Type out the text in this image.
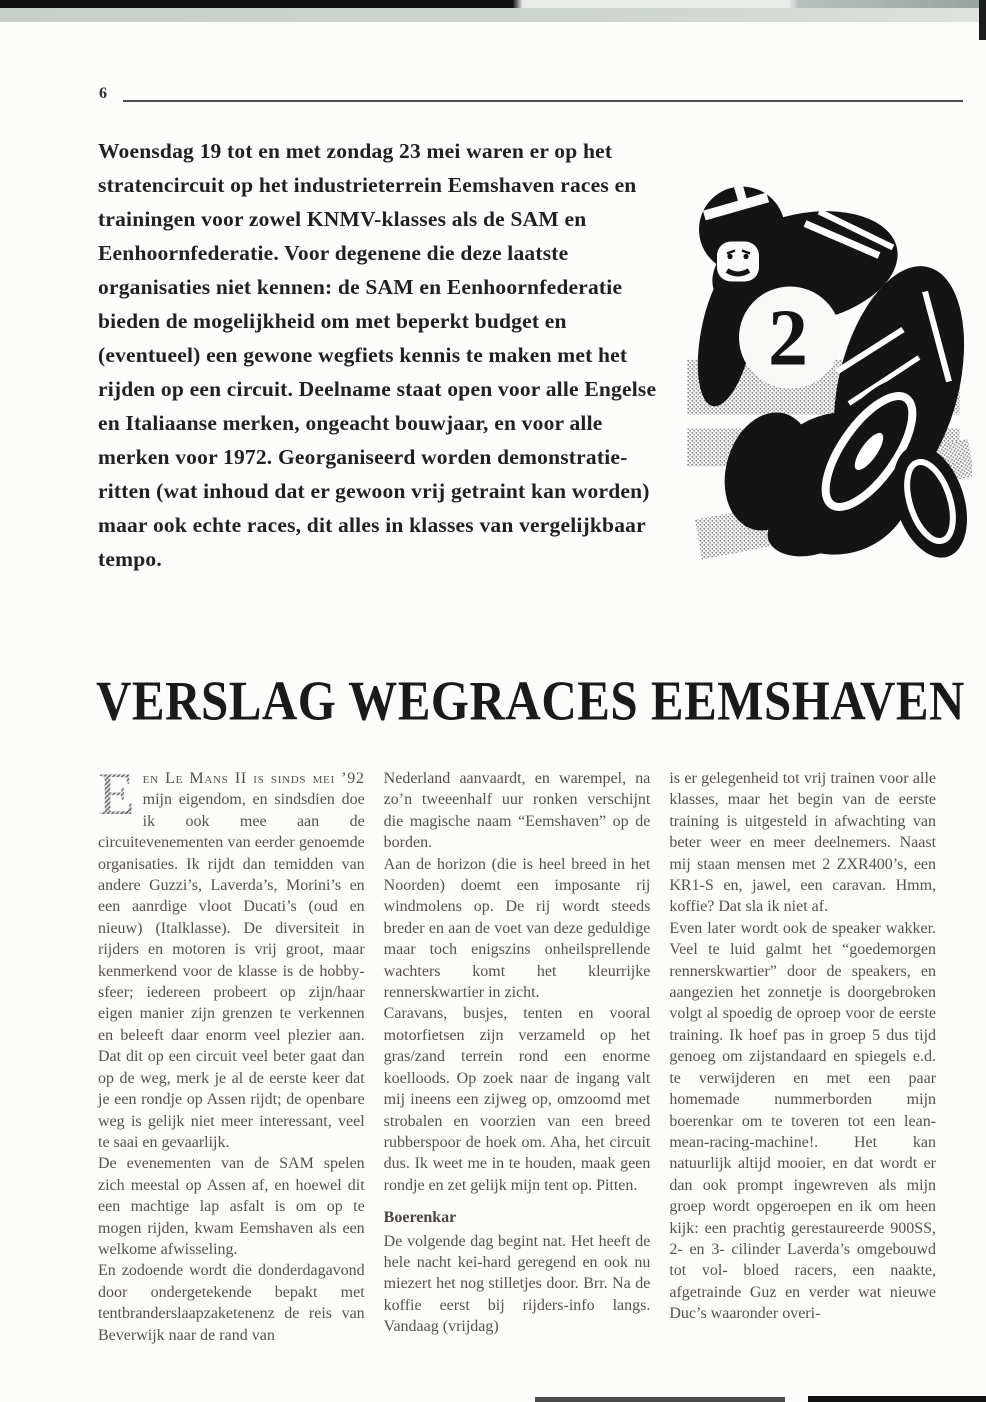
6
Woensdag 19 tot en met zondag 23 mei waren er op het stratencircuit op het industrieterrein Eemshaven races en trainingen voor zowel KNMV-klasses als de SAM en Eenhoornfederatie. Voor degenene die deze laatste organisaties niet kennen: de SAM en Eenhoornfederatie bieden de mogelijkheid om met beperkt budget en (eventueel) een gewone wegfiets kennis te maken met het rijden op een circuit. Deelname staat open voor alle Engelse en Italiaanse merken, ongeacht bouwjaar, en voor alle merken voor 1972. Georganiseerd worden demonstratie-ritten (wat inhoud dat er gewoon vrij getraint kan worden) maar ook echte races, dit alles in klasses van vergelijkbaar tempo.
2
VERSLAG WEGRACES EEMSHAVEN

E en Le Mans II is sinds mei ’92mijn eigendom, en sindsdien doe ik ook mee aan de circuitevenementen van eerder genoemde organisaties. Ik rijdt dan temidden van andere Guzzi’s, Laverda’s, Morini’s en een aanrdige vloot Ducati’s (oud en nieuw) (Italklasse). De diversiteit in rijders en motoren is vrij groot, maar kenmerkend voor de klasse is de hobby-sfeer; iedereen probeert op zijn/haar eigen manier zijn grenzen te verkennen en beleeft daar enorm veel plezier aan. Dat dit op een circuit veel beter gaat dan op de weg, merk je al de eerste keer dat je een rondje op Assen rijdt; de openbare weg is gelijk niet meer interessant, veel te saai en gevaarlijk.

De evenementen van de SAM spelen zich meestal op Assen af, en hoewel dit een machtige lap asfalt is om op te mogen rijden, kwam Eemshaven als een welkome afwisseling.

En zodoende wordt die donderdagavond door ondergetekende bepakt met tentbranderslaapzaketenenz de reis van Beverwijk naar de rand van

Nederland aanvaardt, en warempel, na zo’n tweeenhalf uur ronken verschijnt die magische naam “Eemshaven” op de borden.

Aan de horizon (die is heel breed in het Noorden) doemt een imposante rij windmolens op. De rij wordt steeds breder en aan de voet van deze geduldige maar toch enigszins onheilsprellende wachters komt het kleurrijke rennerskwartier in zicht.

Caravans, busjes, tenten en vooral motorfietsen zijn verzameld op het gras/zand terrein rond een enorme koelloods. Op zoek naar de ingang valt mij ineens een zijweg op, omzoomd met strobalen en voorzien van een breed rubberspoor de hoek om. Aha, het circuit dus. Ik weet me in te houden, maak geen rondje en zet gelijk mijn tent op. Pitten.

Boerenkar

De volgende dag begint nat. Het heeft de hele nacht kei-hard geregend en ook nu miezert het nog stilletjes door. Brr. Na de koffie eerst bij rijders-info langs. Vandaag (vrijdag)

is er gelegenheid tot vrij trainen voor alle klasses, maar het begin van de eerste training is uitgesteld in afwachting van beter weer en meer deelnemers. Naast mij staan mensen met 2 ZXR400’s, een KR1-S en, jawel, een caravan. Hmm, koffie? Dat sla ik niet af.

Even later wordt ook de speaker wakker. Veel te luid galmt het “goedemorgen rennerskwartier” door de speakers, en aangezien het zonnetje is doorgebroken volgt al spoedig de oproep voor de eerste training. Ik hoef pas in groep 5 dus tijd genoeg om zijstandaard en spiegels e.d. te verwijderen en met een paar homemade nummerborden mijn boerenkar om te toveren tot een lean-mean-racing-machine!. Het kan natuurlijk altijd mooier, en dat wordt er dan ook prompt ingewreven als mijn groep wordt opgeroepen en ik om heen kijk: een prachtig gerestaureerde 900SS, 2- en 3- cilinder Laverda’s omgebouwd tot vol- bloed racers, een naakte, afgetrainde Guz en verder wat nieuwe Duc’s waaronder overi-
